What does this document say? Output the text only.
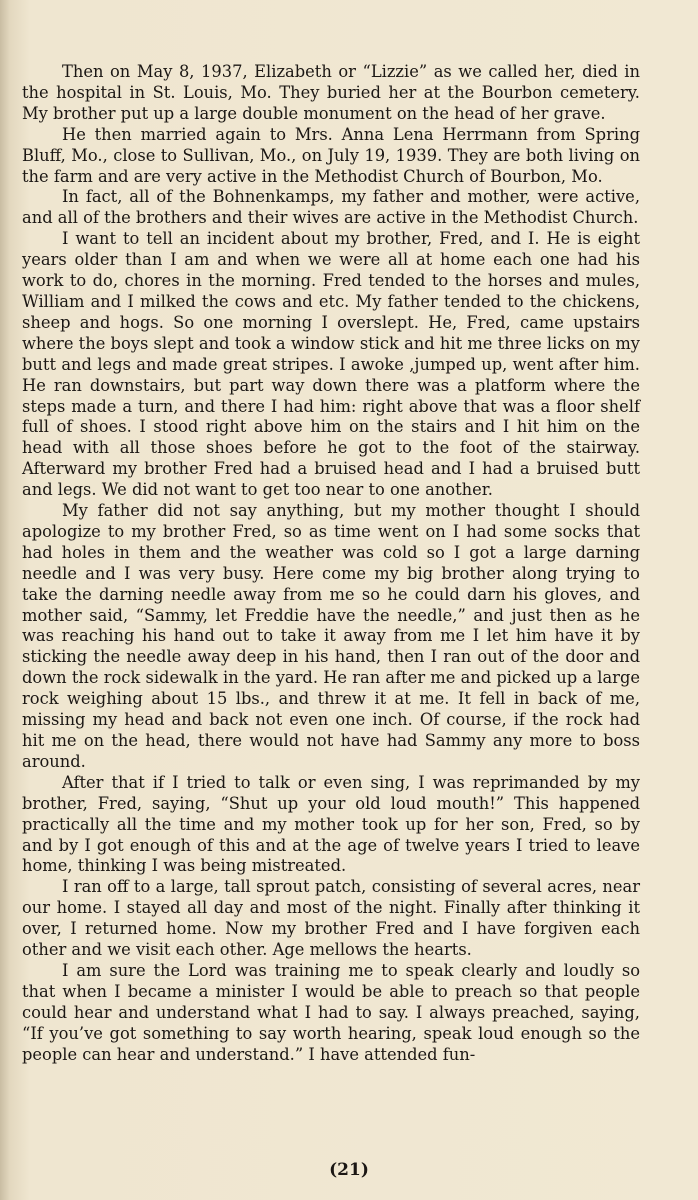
Then on May 8, 1937, Elizabeth or “Lizzie” as we called her, died in the hospital in St. Louis, Mo. They buried her at the Bourbon cemetery. My brother put up a large double monument on the head of her grave.

He then married again to Mrs. Anna Lena Herrmann from Spring Bluff, Mo., close to Sullivan, Mo., on July 19, 1939. They are both living on the farm and are very active in the Methodist Church of Bourbon, Mo.

In fact, all of the Bohnenkamps, my father and mother, were active, and all of the brothers and their wives are active in the Methodist Church.

I want to tell an incident about my brother, Fred, and I. He is eight years older than I am and when we were all at home each one had his work to do, chores in the morning. Fred tended to the horses and mules, William and I milked the cows and etc. My father tended to the chickens, sheep and hogs. So one morning I overslept. He, Fred, came upstairs where the boys slept and took a window stick and hit me three licks on my butt and legs and made great stripes. I awoke ,jumped up, went after him. He ran downstairs, but part way down there was a platform where the steps made a turn, and there I had him: right above that was a floor shelf full of shoes. I stood right above him on the stairs and I hit him on the head with all those shoes before he got to the foot of the stairway. Afterward my brother Fred had a bruised head and I had a bruised butt and legs. We did not want to get too near to one another.

My father did not say anything, but my mother thought I should apologize to my brother Fred, so as time went on I had some socks that had holes in them and the weather was cold so I got a large darning needle and I was very busy. Here come my big brother along trying to take the darning needle away from me so he could darn his gloves, and mother said, “Sammy, let Freddie have the needle,” and just then as he was reaching his hand out to take it away from me I let him have it by sticking the needle away deep in his hand, then I ran out of the door and down the rock sidewalk in the yard. He ran after me and picked up a large rock weighing about 15 lbs., and threw it at me. It fell in back of me, missing my head and back not even one inch. Of course, if the rock had hit me on the head, there would not have had Sammy any more to boss around.

After that if I tried to talk or even sing, I was reprimanded by my brother, Fred, saying, “Shut up your old loud mouth!” This happened practically all the time and my mother took up for her son, Fred, so by and by I got enough of this and at the age of twelve years I tried to leave home, thinking I was being mistreated.

I ran off to a large, tall sprout patch, consisting of several acres, near our home. I stayed all day and most of the night. Finally after thinking it over, I returned home. Now my brother Fred and I have forgiven each other and we visit each other. Age mellows the hearts.

I am sure the Lord was training me to speak clearly and loudly so that when I became a minister I would be able to preach so that people could hear and understand what I had to say. I always preached, saying, “If you’ve got something to say worth hearing, speak loud enough so the people can hear and understand.” I have attended fun-

(21)
